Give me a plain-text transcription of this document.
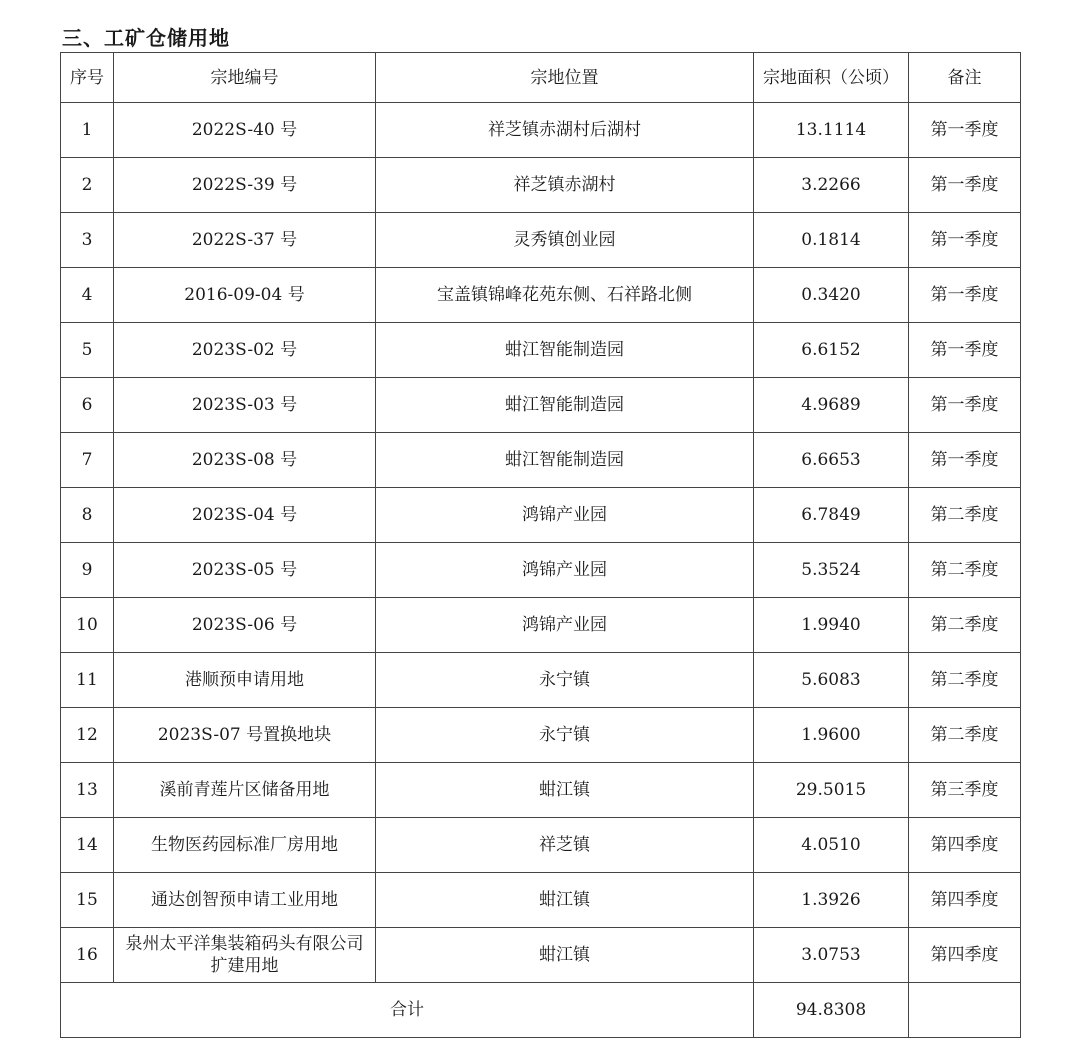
三、工矿仓储用地
序号	宗地编号	宗地位置	宗地面积（公顷）	备注
1	2022S-40 号	祥芝镇赤湖村后湖村	13.1114	第一季度
2	2022S-39 号	祥芝镇赤湖村	3.2266	第一季度
3	2022S-37 号	灵秀镇创业园	0.1814	第一季度
4	2016-09-04 号	宝盖镇锦峰花苑东侧、石祥路北侧	0.3420	第一季度
5	2023S-02 号	蚶江智能制造园	6.6152	第一季度
6	2023S-03 号	蚶江智能制造园	4.9689	第一季度
7	2023S-08 号	蚶江智能制造园	6.6653	第一季度
8	2023S-04 号	鸿锦产业园	6.7849	第二季度
9	2023S-05 号	鸿锦产业园	5.3524	第二季度
10	2023S-06 号	鸿锦产业园	1.9940	第二季度
11	港顺预申请用地	永宁镇	5.6083	第二季度
12	2023S-07 号置换地块	永宁镇	1.9600	第二季度
13	溪前青莲片区储备用地	蚶江镇	29.5015	第三季度
14	生物医药园标准厂房用地	祥芝镇	4.0510	第四季度
15	通达创智预申请工业用地	蚶江镇	1.3926	第四季度
16	泉州太平洋集装箱码头有限公司扩建用地	蚶江镇	3.0753	第四季度
合计			94.8308	
